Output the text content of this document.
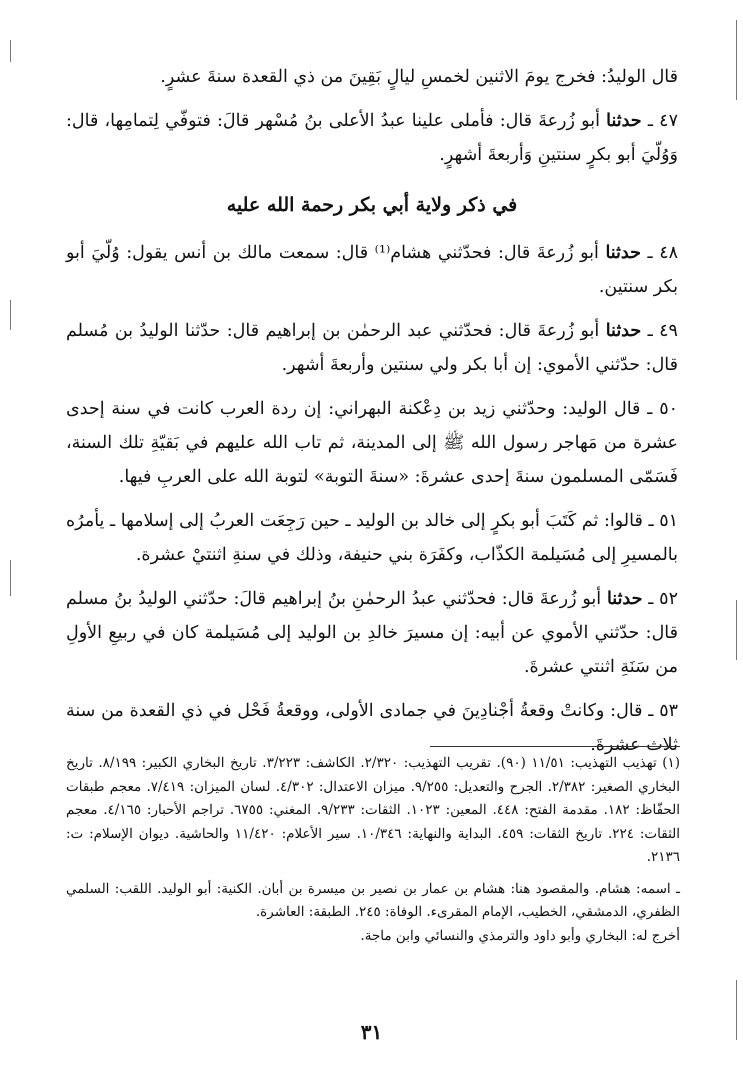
قال الوليدُ: فخرج يومَ الاثنين لخمسِ ليالٍ بَقِينَ من ذي القعدة سنةَ عشرٍ.

٤٧ ـ حدثنا أبو زُرعةَ قال: فأملى علينا عبدُ الأعلى بنُ مُسْهر قالَ: فتوفّي لِتمامِها، قال: وَوُلّيَ أبو بكرٍ سنتينِ وَأربعةَ أشهرٍ.

في ذكر ولاية أبي بكر رحمة الله عليه

٤٨ ـ حدثنا أبو زُرعةَ قال: فحدّثني هشام⁽¹⁾ قال: سمعت مالك بن أنس يقول: وُلّيَ أبو بكر سنتين.

٤٩ ـ حدثنا أبو زُرعةَ قال: فحدّثني عبد الرحمٰن بن إبراهيم قال: حدّثنا الوليدُ بن مُسلم قال: حدّثني الأموي: إن أبا بكر ولي سنتين وأربعةَ أشهر.

٥٠ ـ قال الوليد: وحدّثني زيد بن دِعْكنة البهراني: إن ردة العرب كانت في سنة إحدى عشرة من مَهاجر رسول الله ﷺ إلى المدينة، ثم تاب الله عليهم في بَقيّةِ تلك السنة، فَسَمّى المسلمون سنةَ إحدى عشرةَ: «سنةَ التوبة» لتوبة الله على العربِ فيها.

٥١ ـ قالوا: ثم كَتَبَ أبو بكرٍ إلى خالد بن الوليد ـ حين رَجِعَت العربُ إلى إسلامها ـ يأمرُه بالمسيرِ إلى مُسَيلمة الكذّاب، وكفَرَة بني حنيفة، وذلك في سنةِ اثنتيْ عشرة.

٥٢ ـ حدثنا أبو زُرعةَ قال: فحدّثني عبدُ الرحمٰنِ بنُ إبراهيم قالَ: حدّثني الوليدُ بنُ مسلم قال: حدّثني الأموي عن أبيه: إن مسيرَ خالدِ بن الوليد إلى مُسَيلمة كان في ربيعِ الأولِ من سَنَةِ اثنتي عشرةَ.

٥٣ ـ قال: وكانتْ وقعةُ أجْنادِينَ في جمادى الأولى، ووقعةُ فَحْل في ذي القعدة من سنة ثلاث عشرةَ.

(١) تهذيب التهذيب: ١١/٥١ (٩٠). تقريب التهذيب: ٢/٣٢٠. الكاشف: ٣/٢٢٣. تاريخ البخاري الكبير: ٨/١٩٩. تاريخ البخاري الصغير: ٢/٣٨٢. الجرح والتعديل: ٩/٢٥٥. ميزان الاعتدال: ٤/٣٠٢. لسان الميزان: ٧/٤١٩. معجم طبقات الحفّاظ: ١٨٢. مقدمة الفتح: ٤٤٨. المعين: ١٠٢٣. الثقات: ٩/٢٣٣. المغني: ٦٧٥٥. تراجم الأحبار: ٤/١٦٥. معجم الثقات: ٢٢٤. تاريخ الثقات: ٤٥٩. البداية والنهاية: ١٠/٣٤٦. سير الأعلام: ١١/٤٢٠ والحاشية. ديوان الإسلام: ت: ٢١٣٦.

ـ اسمه: هشام. والمقصود هنا: هشام بن عمار بن نصير بن ميسرة بن أبان. الكنية: أبو الوليد. اللقب: السلمي الظفري، الدمشقي، الخطيب، الإمام المقرىء. الوفاة: ٢٤٥. الطبقة: العاشرة.

أخرج له: البخاري وأبو داود والترمذي والنسائي وابن ماجة.

٣١
